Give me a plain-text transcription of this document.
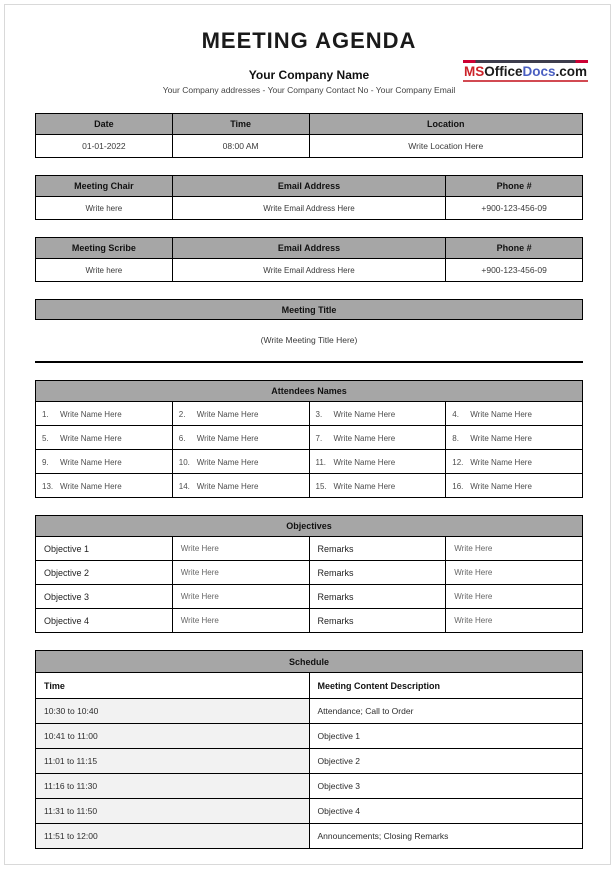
MEETING AGENDA
Your Company Name
Your Company addresses - Your Company Contact No - Your Company Email
MSOfficeDocs.com
Date	Time	Location
01-01-2022	08:00 AM	Write Location Here
Meeting Chair	Email Address	Phone #
Write here	Write Email Address Here	+900-123-456-09
Meeting Scribe	Email Address	Phone #
Write here	Write Email Address Here	+900-123-456-09
Meeting Title
(Write Meeting Title Here)
Attendees Names			
1. Write Name Here	2. Write Name Here	3. Write Name Here	4. Write Name Here
5. Write Name Here	6. Write Name Here	7. Write Name Here	8. Write Name Here
9. Write Name Here	10. Write Name Here	11. Write Name Here	12. Write Name Here
13. Write Name Here	14. Write Name Here	15. Write Name Here	16. Write Name Here
Objectives			
Objective 1	Write Here	Remarks	Write Here
Objective 2	Write Here	Remarks	Write Here
Objective 3	Write Here	Remarks	Write Here
Objective 4	Write Here	Remarks	Write Here
Schedule	
Time	Meeting Content Description
10:30 to 10:40	Attendance; Call to Order
10:41 to 11:00	Objective 1
11:01 to 11:15	Objective 2
11:16 to 11:30	Objective 3
11:31 to 11:50	Objective 4
11:51 to 12:00	Announcements; Closing Remarks
